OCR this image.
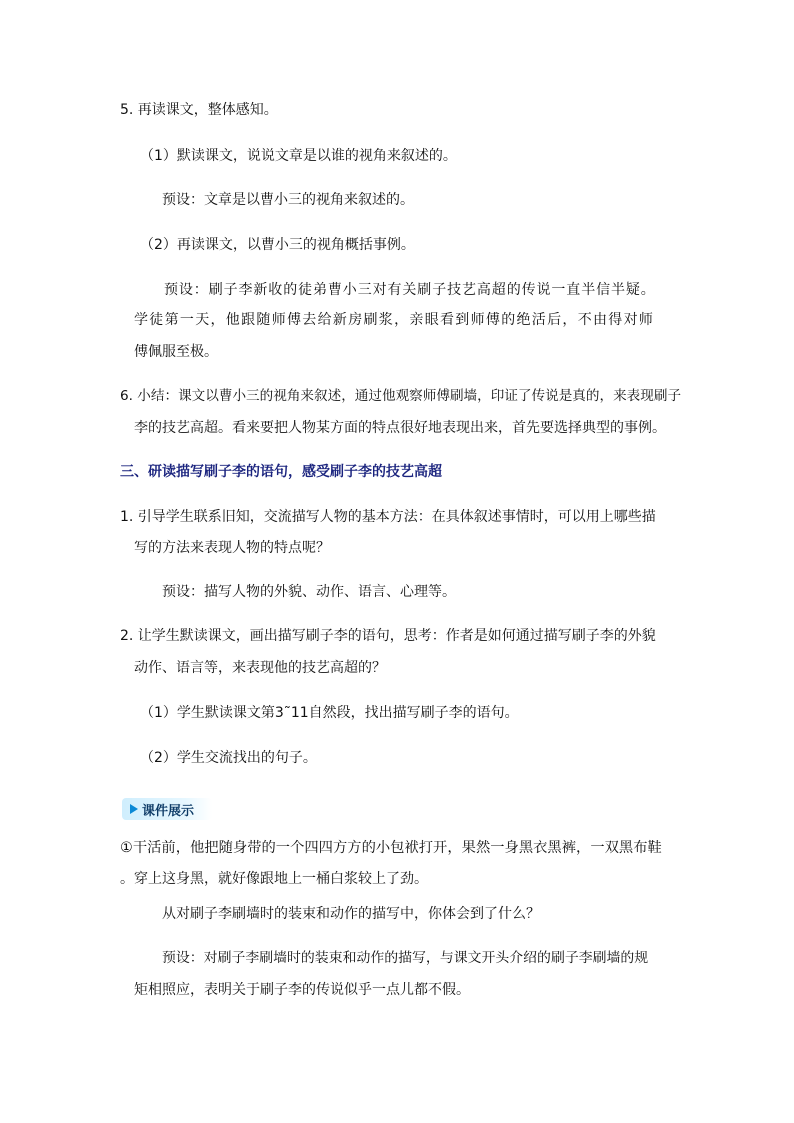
5. 再读课文，整体感知。
（1）默读课文，说说文章是以谁的视角来叙述的。
预设：文章是以曹小三的视角来叙述的。
（2）再读课文，以曹小三的视角概括事例。
预设：刷子李新收的徒弟曹小三对有关刷子技艺高超的传说一直半信半疑。
学徒第一天，他跟随师傅去给新房刷浆，亲眼看到师傅的绝活后，不由得对师
傅佩服至极。
6. 小结：课文以曹小三的视角来叙述，通过他观察师傅刷墙，印证了传说是真的，来表现刷子
李的技艺高超。看来要把人物某方面的特点很好地表现出来，首先要选择典型的事例。
三、研读描写刷子李的语句，感受刷子李的技艺高超
1. 引导学生联系旧知，交流描写人物的基本方法：在具体叙述事情时，可以用上哪些描
写的方法来表现人物的特点呢？
预设：描写人物的外貌、动作、语言、心理等。
2. 让学生默读课文，画出描写刷子李的语句，思考：作者是如何通过描写刷子李的外貌
动作、语言等，来表现他的技艺高超的？
（1）学生默读课文第3˜11自然段，找出描写刷子李的语句。
（2）学生交流找出的句子。
课件展示
①干活前，他把随身带的一个四四方方的小包袱打开，果然一身黑衣黑裤，一双黑布鞋
。穿上这身黑，就好像跟地上一桶白浆较上了劲。
从对刷子李刷墙时的装束和动作的描写中，你体会到了什么？
预设：对刷子李刷墙时的装束和动作的描写，与课文开头介绍的刷子李刷墙的规
矩相照应，表明关于刷子李的传说似乎一点儿都不假。
